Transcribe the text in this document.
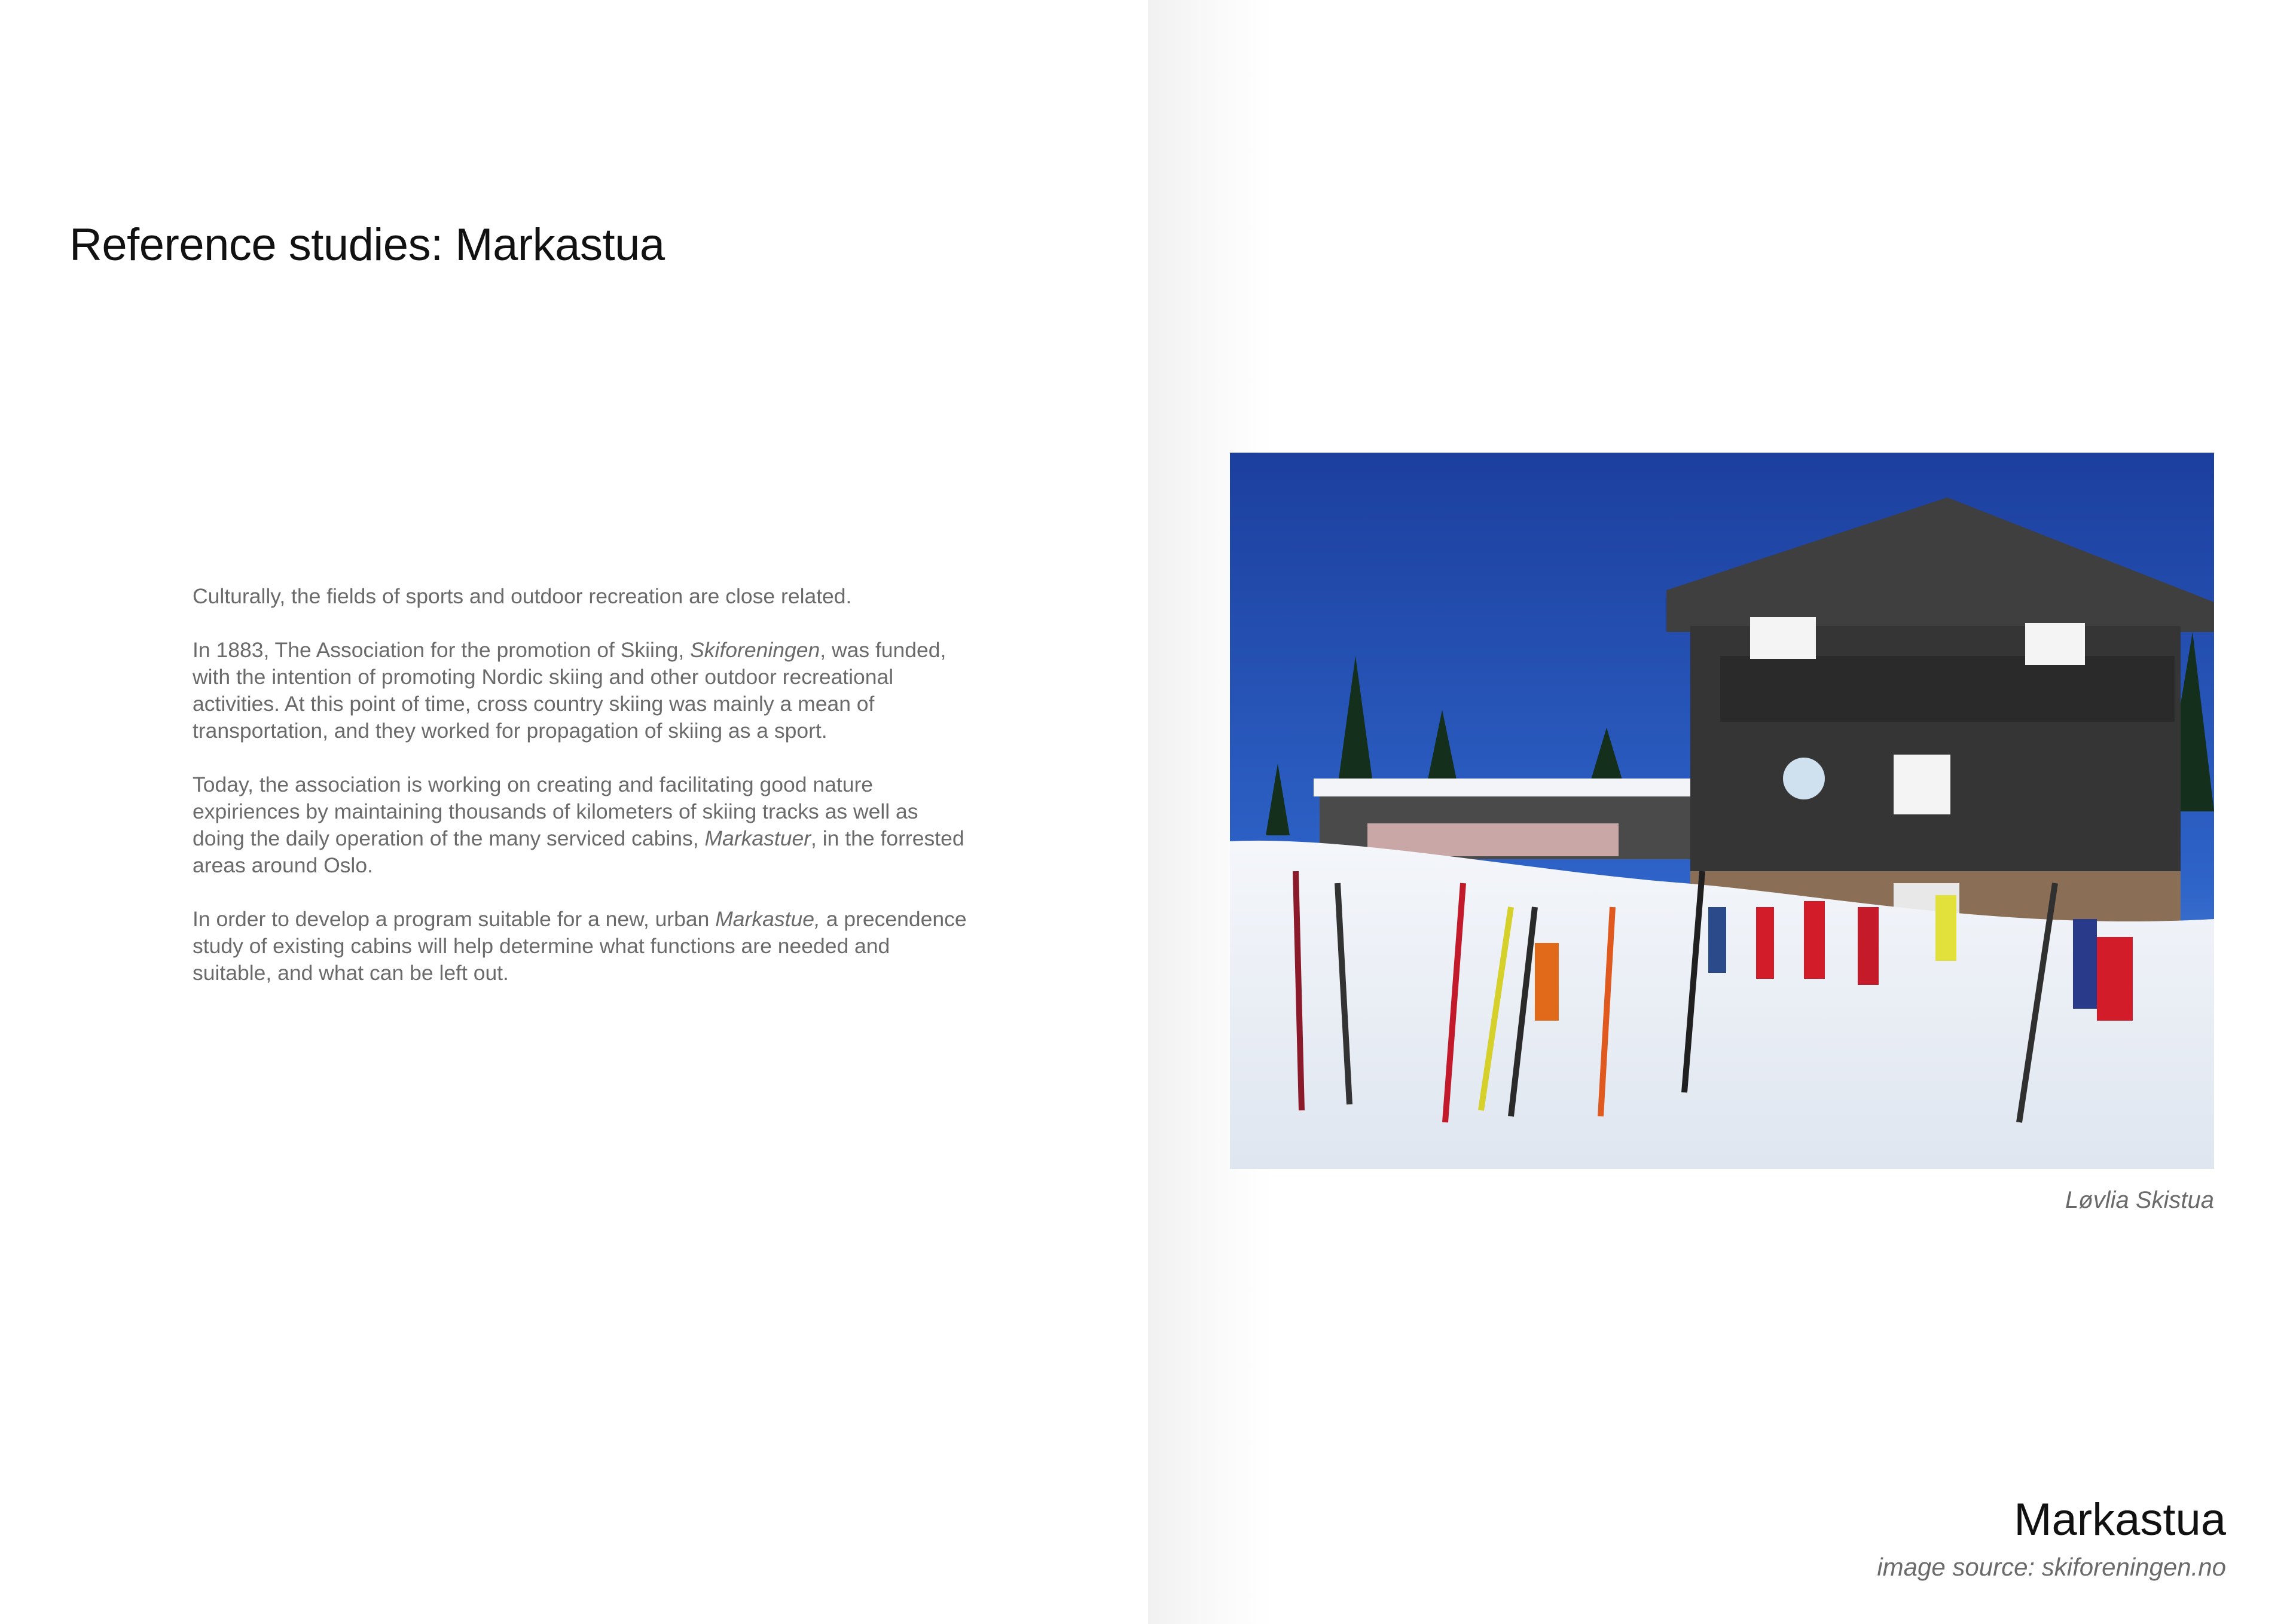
Reference studies: Markastua

Culturally, the fields of sports and outdoor recreation are close related.

In 1883, The Association for the promotion of Skiing, Skiforeningen, was funded, with the intention of promoting Nordic skiing and other outdoor recreational activities. At this point of time, cross country skiing was mainly a mean of transportation, and they worked for propagation of skiing as a sport.

Today, the association is working on creating and facilitating good nature expiriences by maintaining thousands of kilometers of skiing tracks as well as doing the daily operation of the many serviced cabins, Markastuer, in the forrested areas around Oslo.

In order to develop a program suitable for a new, urban Markastue, a precendence study of existing cabins will help determine what functions are needed and suitable, and what can be left out.

Løvlia Skistua
Markastua
image source: skiforeningen.no
